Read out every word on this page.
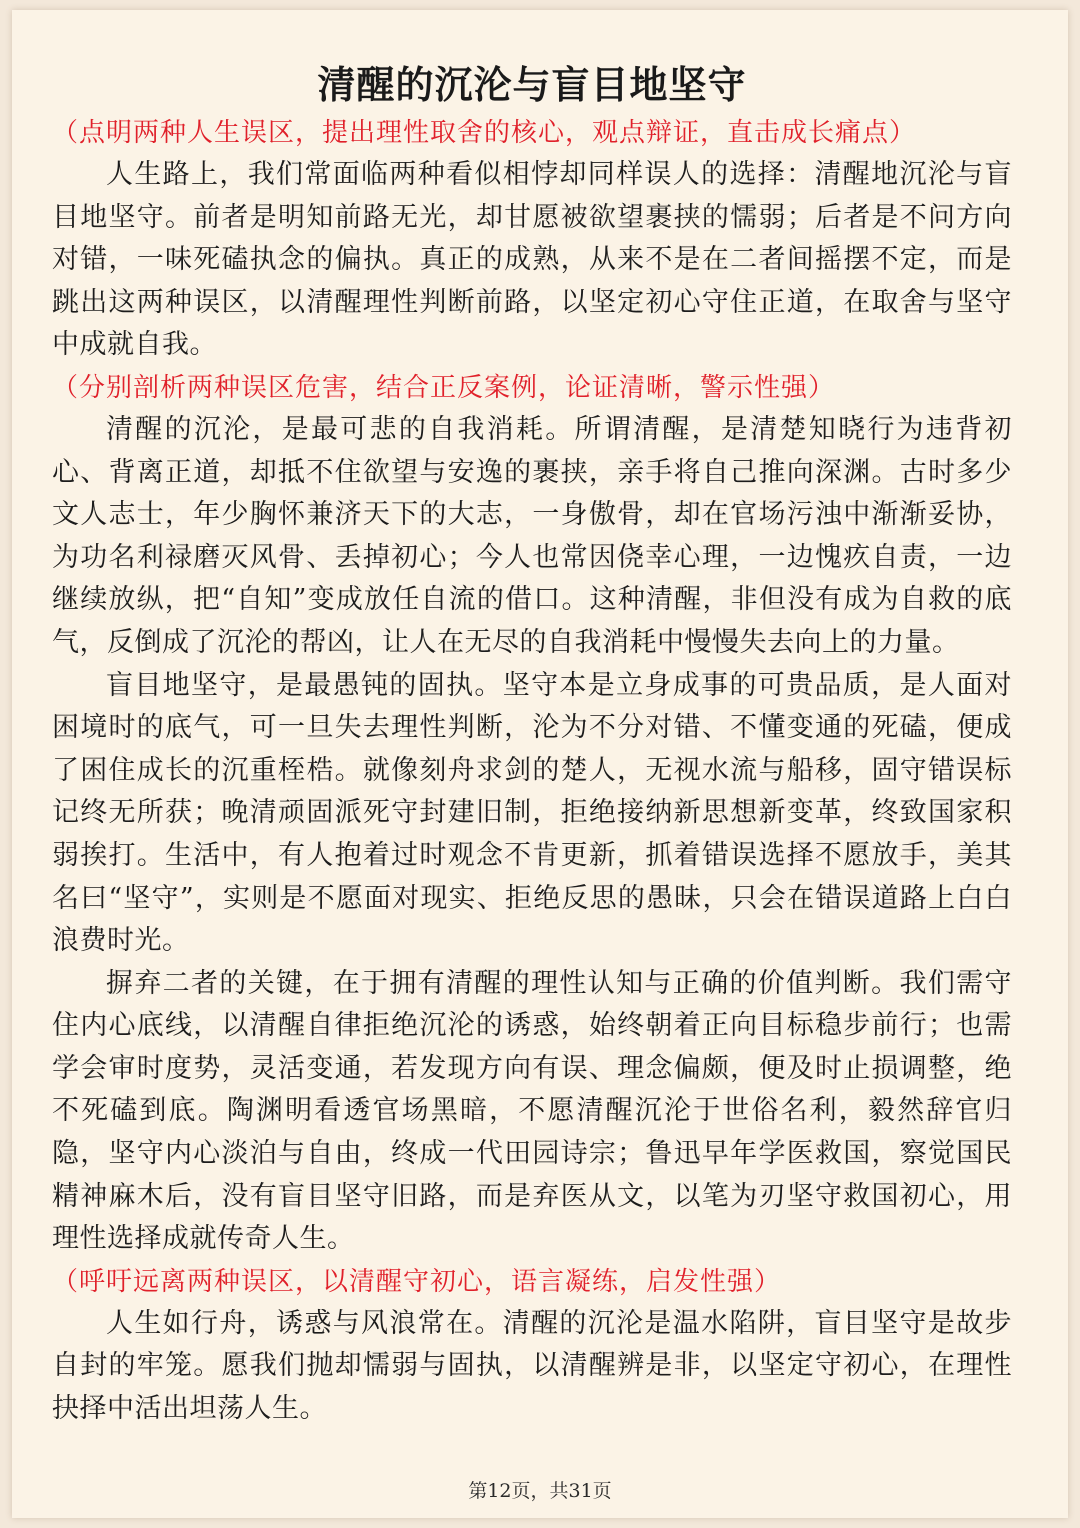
清醒的沉沦与盲目地坚守

（点明两种人生误区，提出理性取舍的核心，观点辩证，直击成长痛点）

人生路上，我们常面临两种看似相悖却同样误人的选择：清醒地沉沦与盲目地坚守。前者是明知前路无光，却甘愿被欲望裹挟的懦弱；后者是不问方向对错，一味死磕执念的偏执。真正的成熟，从来不是在二者间摇摆不定，而是跳出这两种误区，以清醒理性判断前路，以坚定初心守住正道，在取舍与坚守中成就自我。

（分别剖析两种误区危害，结合正反案例，论证清晰，警示性强）

清醒的沉沦，是最可悲的自我消耗。所谓清醒，是清楚知晓行为违背初心、背离正道，却抵不住欲望与安逸的裹挟，亲手将自己推向深渊。古时多少文人志士，年少胸怀兼济天下的大志，一身傲骨，却在官场污浊中渐渐妥协，为功名利禄磨灭风骨、丢掉初心；今人也常因侥幸心理，一边愧疚自责，一边继续放纵，把“自知”变成放任自流的借口。这种清醒，非但没有成为自救的底气，反倒成了沉沦的帮凶，让人在无尽的自我消耗中慢慢失去向上的力量。

盲目地坚守，是最愚钝的固执。坚守本是立身成事的可贵品质，是人面对困境时的底气，可一旦失去理性判断，沦为不分对错、不懂变通的死磕，便成了困住成长的沉重桎梏。就像刻舟求剑的楚人，无视水流与船移，固守错误标记终无所获；晚清顽固派死守封建旧制，拒绝接纳新思想新变革，终致国家积弱挨打。生活中，有人抱着过时观念不肯更新，抓着错误选择不愿放手，美其名曰“坚守”，实则是不愿面对现实、拒绝反思的愚昧，只会在错误道路上白白浪费时光。

摒弃二者的关键，在于拥有清醒的理性认知与正确的价值判断。我们需守住内心底线，以清醒自律拒绝沉沦的诱惑，始终朝着正向目标稳步前行；也需学会审时度势，灵活变通，若发现方向有误、理念偏颇，便及时止损调整，绝不死磕到底。陶渊明看透官场黑暗，不愿清醒沉沦于世俗名利，毅然辞官归隐，坚守内心淡泊与自由，终成一代田园诗宗；鲁迅早年学医救国，察觉国民精神麻木后，没有盲目坚守旧路，而是弃医从文，以笔为刃坚守救国初心，用理性选择成就传奇人生。

（呼吁远离两种误区，以清醒守初心，语言凝练，启发性强）

人生如行舟，诱惑与风浪常在。清醒的沉沦是温水陷阱，盲目坚守是故步自封的牢笼。愿我们抛却懦弱与固执，以清醒辨是非，以坚定守初心，在理性抉择中活出坦荡人生。

第12页，共31页
